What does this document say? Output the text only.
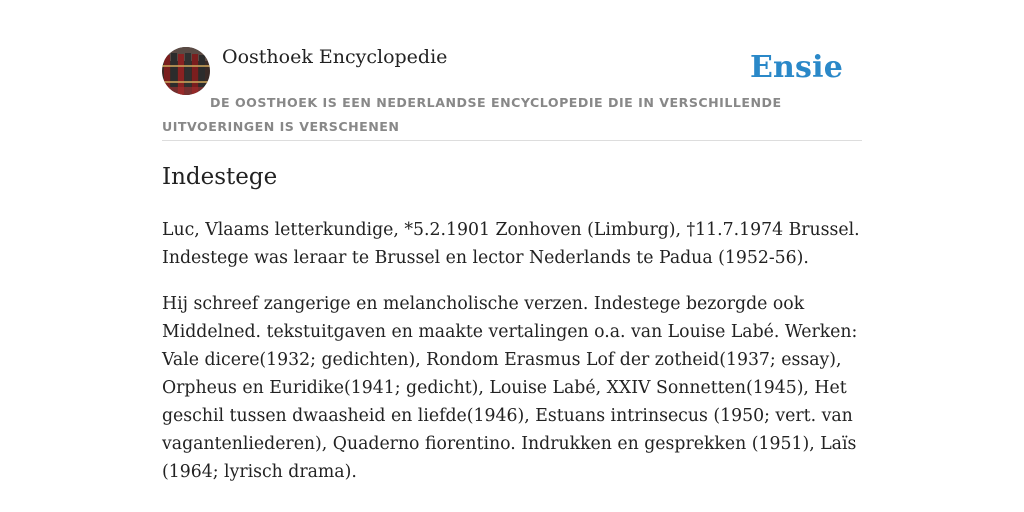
Oosthoek Encyclopedie	Ensie

DE OOSTHOEK IS EEN NEDERLANDSE ENCYCLOPEDIE DIE IN VERSCHILLENDE UITVOERINGEN IS VERSCHENEN

Indestege

Luc, Vlaams letterkundige, *5.2.1901 Zonhoven (Limburg), †​11.7.1974 Brussel. Indestege was leraar te Brussel en lector Nederlands te Padua (1952-56).

Hij schreef zangerige en melancholische verzen. Indestege bezorgde ook Middelned. tekstuitgaven en maakte vertalingen o.a. van Louise Labé. Werken: Vale dicere(1932; gedichten), Rondom Erasmus Lof der zotheid(1937; essay), Orpheus en Euridike(1941; gedicht), Louise Labé, XXIV Sonnetten(1945), Het geschil tussen dwaasheid en liefde(1946), Estuans intrinsecus (1950; vert. van vagantenliederen), Quaderno fiorentino. Indrukken en gesprekken (1951), Laïs (1964; lyrisch drama).
